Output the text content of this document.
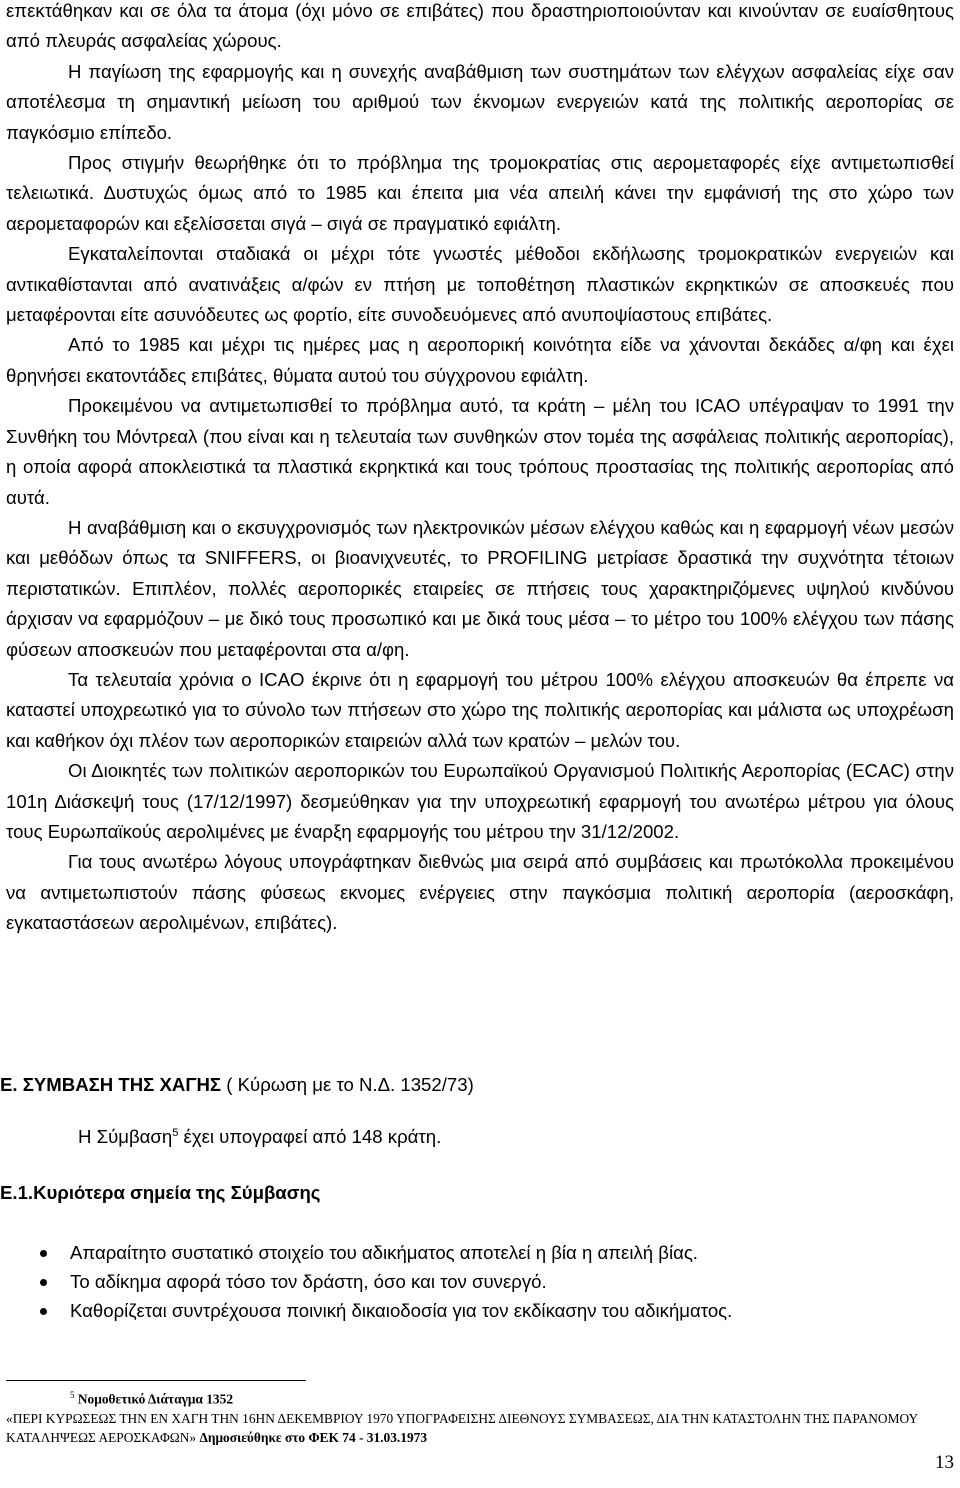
επεκτάθηκαν και σε όλα τα άτομα (όχι μόνο σε επιβάτες) που δραστηριοποιούνταν και κινούνταν σε ευαίσθητους από πλευράς ασφαλείας χώρους.

Η παγίωση της εφαρμογής και η συνεχής αναβάθμιση των συστημάτων των ελέγχων ασφαλείας είχε σαν αποτέλεσμα τη σημαντική μείωση του αριθμού των έκνομων ενεργειών κατά της πολιτικής αεροπορίας σε παγκόσμιο επίπεδο.

Προς στιγμήν θεωρήθηκε ότι το πρόβλημα της τρομοκρατίας στις αερομεταφορές είχε αντιμετωπισθεί τελειωτικά. Δυστυχώς όμως από το 1985 και έπειτα μια νέα απειλή κάνει την εμφάνισή της στο χώρο των αερομεταφορών και εξελίσσεται σιγά – σιγά σε πραγματικό εφιάλτη.

Εγκαταλείπονται σταδιακά οι μέχρι τότε γνωστές μέθοδοι εκδήλωσης τρομοκρατικών ενεργειών και αντικαθίστανται από ανατινάξεις α/φών εν πτήση με τοποθέτηση πλαστικών εκρηκτικών σε αποσκευές που μεταφέρονται είτε ασυνόδευτες ως φορτίο, είτε συνοδευόμενες από ανυποψίαστους επιβάτες.

Από το 1985 και μέχρι τις ημέρες μας η αεροπορική κοινότητα είδε να χάνονται δεκάδες α/φη και έχει θρηνήσει εκατοντάδες επιβάτες, θύματα αυτού του σύγχρονου εφιάλτη.

Προκειμένου να αντιμετωπισθεί το πρόβλημα αυτό, τα κράτη – μέλη του ICAO υπέγραψαν το 1991 την Συνθήκη του Μόντρεαλ (που είναι και η τελευταία των συνθηκών στον τομέα της ασφάλειας πολιτικής αεροπορίας), η οποία αφορά αποκλειστικά τα πλαστικά εκρηκτικά και τους τρόπους προστασίας της πολιτικής αεροπορίας από αυτά.

Η αναβάθμιση και ο εκσυγχρονισμός των ηλεκτρονικών μέσων ελέγχου καθώς και η εφαρμογή νέων μεσών και μεθόδων όπως τα SNIFFERS, οι βιοανιχνευτές, το PROFILING μετρίασε δραστικά την συχνότητα τέτοιων περιστατικών. Επιπλέον, πολλές αεροπορικές εταιρείες σε πτήσεις τους χαρακτηριζόμενες υψηλού κινδύνου άρχισαν να εφαρμόζουν – με δικό τους προσωπικό και με δικά τους μέσα – το μέτρο του 100% ελέγχου των πάσης φύσεων αποσκευών που μεταφέρονται στα α/φη.

Τα τελευταία χρόνια ο ICAO έκρινε ότι η εφαρμογή του μέτρου 100% ελέγχου αποσκευών θα έπρεπε να καταστεί υποχρεωτικό για το σύνολο των πτήσεων στο χώρο της πολιτικής αεροπορίας και μάλιστα ως υποχρέωση και καθήκον όχι πλέον των αεροπορικών εταιρειών αλλά των κρατών – μελών του.

Οι Διοικητές των πολιτικών αεροπορικών του Ευρωπαϊκού Οργανισμού Πολιτικής Αεροπορίας (ECAC) στην 101η Διάσκεψή τους (17/12/1997) δεσμεύθηκαν για την υποχρεωτική εφαρμογή του ανωτέρω μέτρου για όλους τους Ευρωπαϊκούς αερολιμένες με έναρξη εφαρμογής του μέτρου την 31/12/2002.

Για τους ανωτέρω λόγους υπογράφτηκαν διεθνώς μια σειρά από συμβάσεις και πρωτόκολλα προκειμένου να αντιμετωπιστούν πάσης φύσεως εκνομες ενέργειες στην παγκόσμια πολιτική αεροπορία (αεροσκάφη, εγκαταστάσεων αερολιμένων, επιβάτες).

Ε. ΣΥΜΒΑΣΗ ΤΗΣ ΧΑΓΗΣ ( Κύρωση με το Ν.Δ. 1352/73)
Η Σύμβαση$^5$ έχει υπογραφεί από 148 κράτη.
Ε.1.Κυριότερα σημεία της Σύμβασης
Απαραίτητο συστατικό στοιχείο του αδικήματος αποτελεί η βία η απειλή βίας.
Το αδίκημα αφορά τόσο τον δράστη, όσο και τον συνεργό.
Καθορίζεται συντρέχουσα ποινική δικαιοδοσία για τον εκδίκασην του αδικήματος.
$^5$ Νομοθετικό Διάταγμα 1352
«ΠΕΡΙ ΚΥΡΩΣΕΩΣ ΤΗΝ ΕΝ ΧΑΓΗ ΤΗΝ 16ΗΝ ΔΕΚΕΜΒΡΙΟΥ 1970 ΥΠΟΓΡΑΦΕΙΣΗΣ ΔΙΕΘΝΟΥΣ ΣΥΜΒΑΣΕΩΣ, ΔΙΑ ΤΗΝ ΚΑΤΑΣΤΟΛΗΝ ΤΗΣ ΠΑΡΑΝΟΜΟΥ ΚΑΤΑΛΗΨΕΩΣ ΑΕΡΟΣΚΑΦΩΝ» Δημοσιεύθηκε στο ΦΕΚ 74 - 31.03.1973
13
